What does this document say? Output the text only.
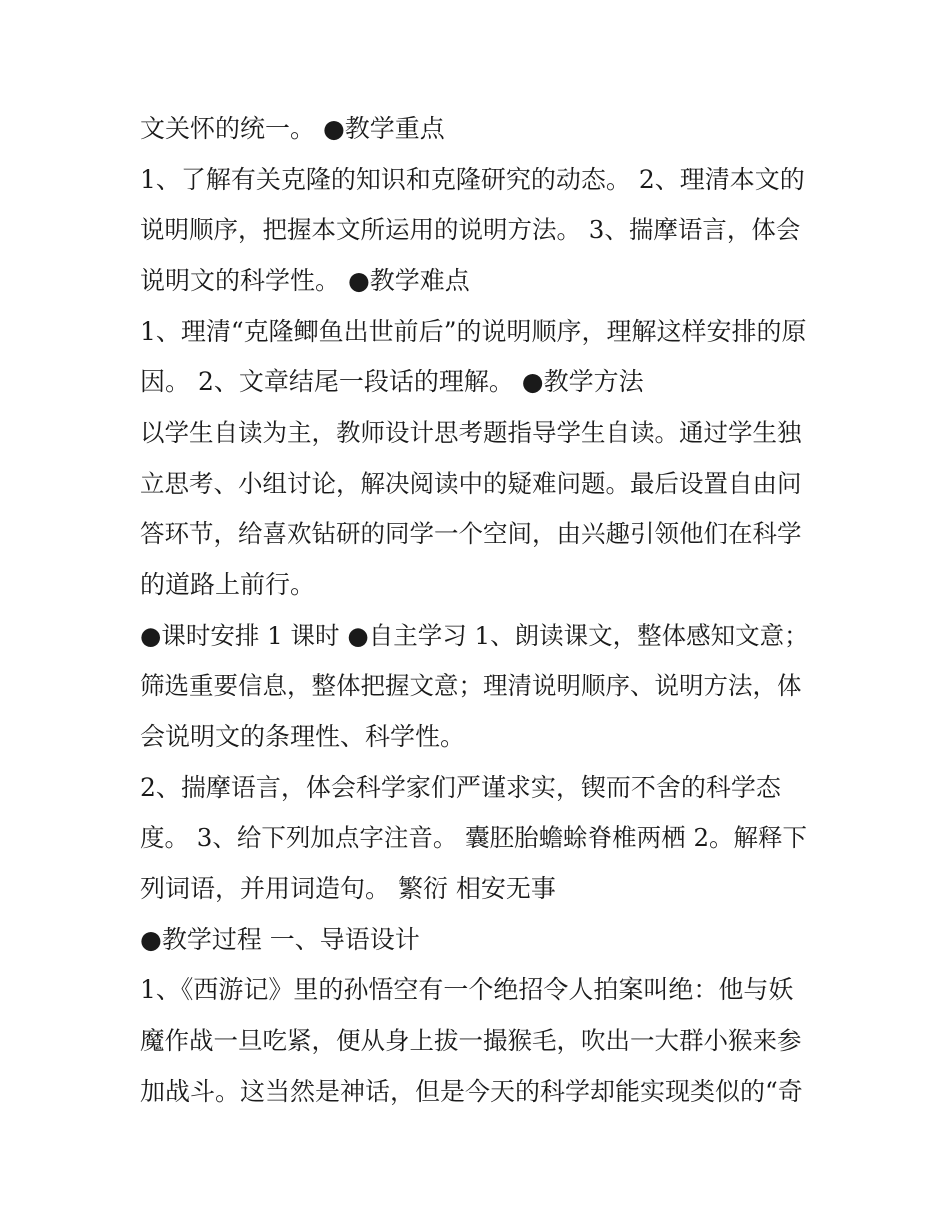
文关怀的统一。 ●教学重点
1、了解有关克隆的知识和克隆研究的动态。 2、理清本文的
说明顺序，把握本文所运用的说明方法。 3、揣摩语言，体会
说明文的科学性。 ●教学难点
1、理清“克隆鲫鱼出世前后”的说明顺序，理解这样安排的原
因。 2、文章结尾一段话的理解。 ●教学方法
以学生自读为主，教师设计思考题指导学生自读。通过学生独
立思考、小组讨论，解决阅读中的疑难问题。最后设置自由问
答环节，给喜欢钻研的同学一个空间，由兴趣引领他们在科学
的道路上前行。
●课时安排 1 课时 ●自主学习 1、朗读课文，整体感知文意；
筛选重要信息，整体把握文意；理清说明顺序、说明方法，体
会说明文的条理性、科学性。
2、揣摩语言，体会科学家们严谨求实，锲而不舍的科学态
度。 3、给下列加点字注音。 囊胚胎蟾蜍脊椎两栖 2。解释下
列词语，并用词造句。 繁衍 相安无事
●教学过程 一、导语设计
1、《西游记》里的孙悟空有一个绝招令人拍案叫绝：他与妖
魔作战一旦吃紧，便从身上拔一撮猴毛，吹出一大群小猴来参
加战斗。这当然是神话，但是今天的科学却能实现类似的“奇
